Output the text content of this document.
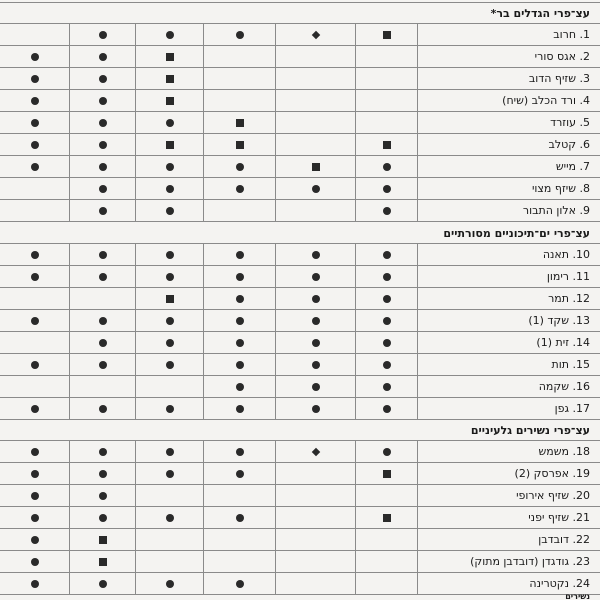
עצ־פרי הגדלים בר*
1. חרוב
2. אגס סורי
3. שזיף הדוב
4. ורד הכלב (שיח)
5. עוזרד
6. קטלב
7. מייש
8. שיזף מצוי
9. אלון התבור
עצ־פרי ים־תיכוניים מסורתיים
10. תאנה
11. רימון
12. תמר
13. שקד (1)
14. זית (1)
15. תות
16. שקמה
17. גפן
עצ־פרי נשירים גלעיניים
18. משמש
19. אפרסק (2)
20. שזיף אירופי
21. שזיף יפני
22. דובדבן
23. גודגדן (דובדבן מתוק)
24. נקטרינה
נשירים
